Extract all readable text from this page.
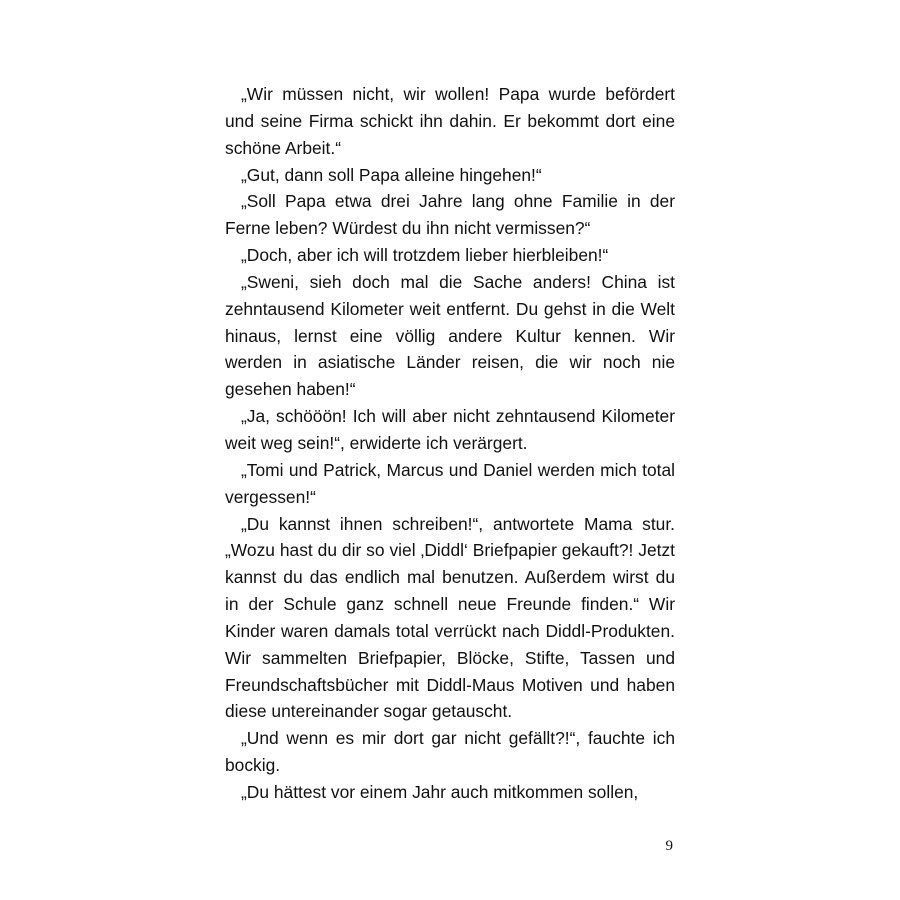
„Wir müssen nicht, wir wollen! Papa wurde befördert und seine Firma schickt ihn dahin. Er bekommt dort eine schöne Arbeit.“

„Gut, dann soll Papa alleine hingehen!“

„Soll Papa etwa drei Jahre lang ohne Familie in der Ferne leben? Würdest du ihn nicht vermissen?“

„Doch, aber ich will trotzdem lieber hierbleiben!“

„Sweni, sieh doch mal die Sache anders! China ist zehntausend Kilometer weit entfernt. Du gehst in die Welt hinaus, lernst eine völlig andere Kultur kennen. Wir werden in asiatische Länder reisen, die wir noch nie gesehen haben!“

„Ja, schööön! Ich will aber nicht zehntausend Kilometer weit weg sein!“, erwiderte ich verärgert.

„Tomi und Patrick, Marcus und Daniel werden mich total vergessen!“

„Du kannst ihnen schreiben!“, antwortete Mama stur. „Wozu hast du dir so viel ‚Diddl‘ Briefpapier gekauft?! Jetzt kannst du das endlich mal benutzen. Außerdem wirst du in der Schule ganz schnell neue Freunde finden.“ Wir Kinder waren damals total verrückt nach Diddl-Produkten. Wir sammelten Briefpapier, Blöcke, Stifte, Tassen und Freundschaftsbücher mit Diddl-Maus Motiven und haben diese untereinander sogar getauscht.

„Und wenn es mir dort gar nicht gefällt?!“, fauchte ich bockig.

„Du hättest vor einem Jahr auch mitkommen sollen,

9
